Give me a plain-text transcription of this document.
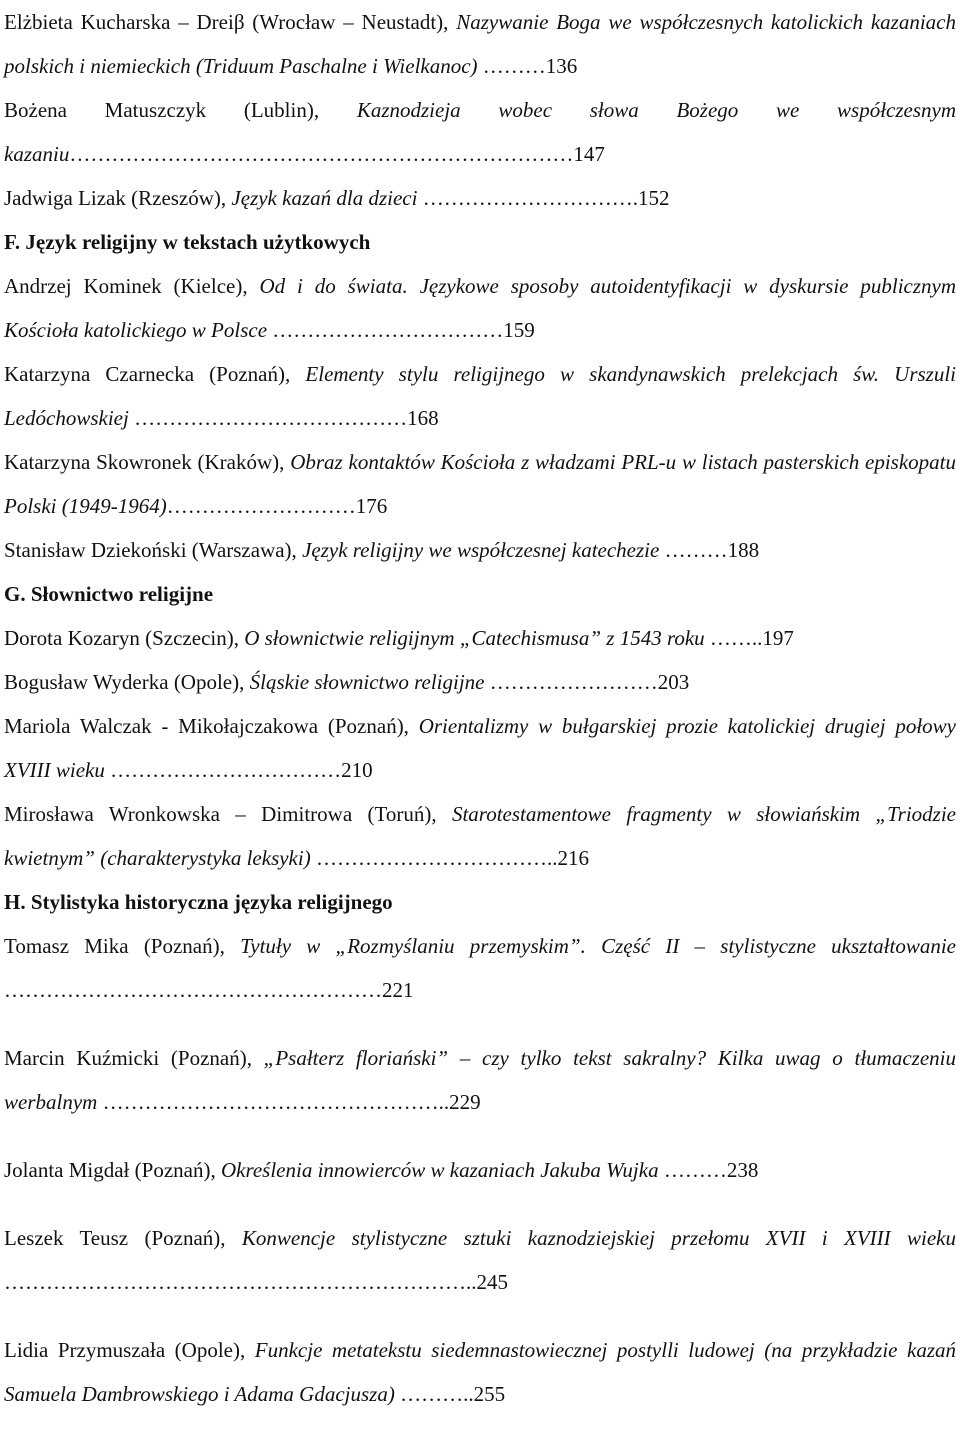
Elżbieta Kucharska – Dreiβ (Wrocław – Neustadt), Nazywanie Boga we współczesnych katolickich kazaniach polskich i niemieckich (Triduum Paschalne i Wielkanoc) ………136

Bożena Matuszczyk (Lublin), Kaznodzieja wobec słowa Bożego we współczesnym kazaniu………………………………………………………………147

Jadwiga Lizak (Rzeszów), Język kazań dla dzieci ………………………….152

F. Język religijny w tekstach użytkowych

Andrzej Kominek (Kielce), Od i do świata. Językowe sposoby autoidentyfikacji w dyskursie publicznym Kościoła katolickiego w Polsce ……………………………159

Katarzyna Czarnecka (Poznań), Elementy stylu religijnego w skandynawskich prelekcjach św. Urszuli Ledóchowskiej …………………………………168

Katarzyna Skowronek (Kraków), Obraz kontaktów Kościoła z władzami PRL-u w listach pasterskich episkopatu Polski (1949-1964)………………………176

Stanisław Dziekoński (Warszawa), Język religijny we współczesnej katechezie ………188

G. Słownictwo religijne

Dorota Kozaryn (Szczecin), O słownictwie religijnym „Catechismusa” z 1543 roku ……..197

Bogusław Wyderka (Opole), Śląskie słownictwo religijne ……………………203

Mariola Walczak - Mikołajczakowa (Poznań), Orientalizmy w bułgarskiej prozie katolickiej drugiej połowy XVIII wieku ……………………………210

Mirosława Wronkowska – Dimitrowa (Toruń), Starotestamentowe fragmenty w słowiańskim „Triodzie kwietnym” (charakterystyka leksyki) ……………………………..216

H. Stylistyka historyczna języka religijnego

Tomasz Mika (Poznań), Tytuły w „Rozmyślaniu przemyskim”. Część II – stylistyczne ukształtowanie ………………………………………………221

Marcin Kuźmicki (Poznań), „Psałterz floriański” – czy tylko tekst sakralny? Kilka uwag o tłumaczeniu werbalnym …………………………………………..229

Jolanta Migdał (Poznań), Określenia innowierców w kazaniach Jakuba Wujka ………238

Leszek Teusz (Poznań), Konwencje stylistyczne sztuki kaznodziejskiej przełomu XVII i XVIII wieku …………………………………………………………..245

Lidia Przymuszała (Opole), Funkcje metatekstu siedemnastowiecznej postylli ludowej (na przykładzie kazań Samuela Dambrowskiego i Adama Gdacjusza) ………..255
